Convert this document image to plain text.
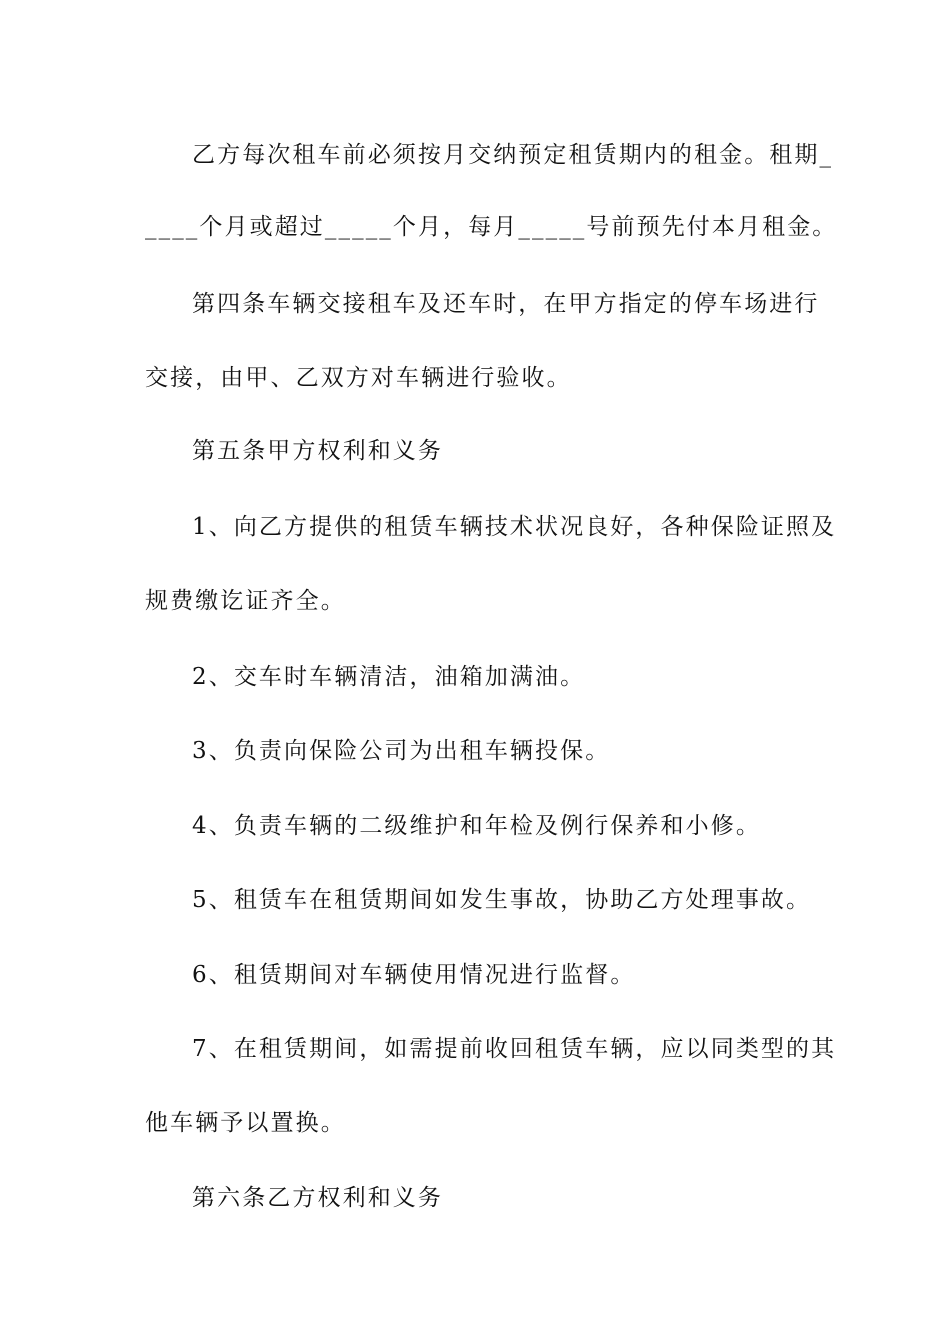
乙方每次租车前必须按月交纳预定租赁期内的租金。租期_
____个月或超过_____个月，每月_____号前预先付本月租金。
第四条车辆交接租车及还车时，在甲方指定的停车场进行
交接，由甲、乙双方对车辆进行验收。
第五条甲方权利和义务
1、向乙方提供的租赁车辆技术状况良好，各种保险证照及
规费缴讫证齐全。
2、交车时车辆清洁，油箱加满油。
3、负责向保险公司为出租车辆投保。
4、负责车辆的二级维护和年检及例行保养和小修。
5、租赁车在租赁期间如发生事故，协助乙方处理事故。
6、租赁期间对车辆使用情况进行监督。
7、在租赁期间，如需提前收回租赁车辆，应以同类型的其
他车辆予以置换。
第六条乙方权利和义务
